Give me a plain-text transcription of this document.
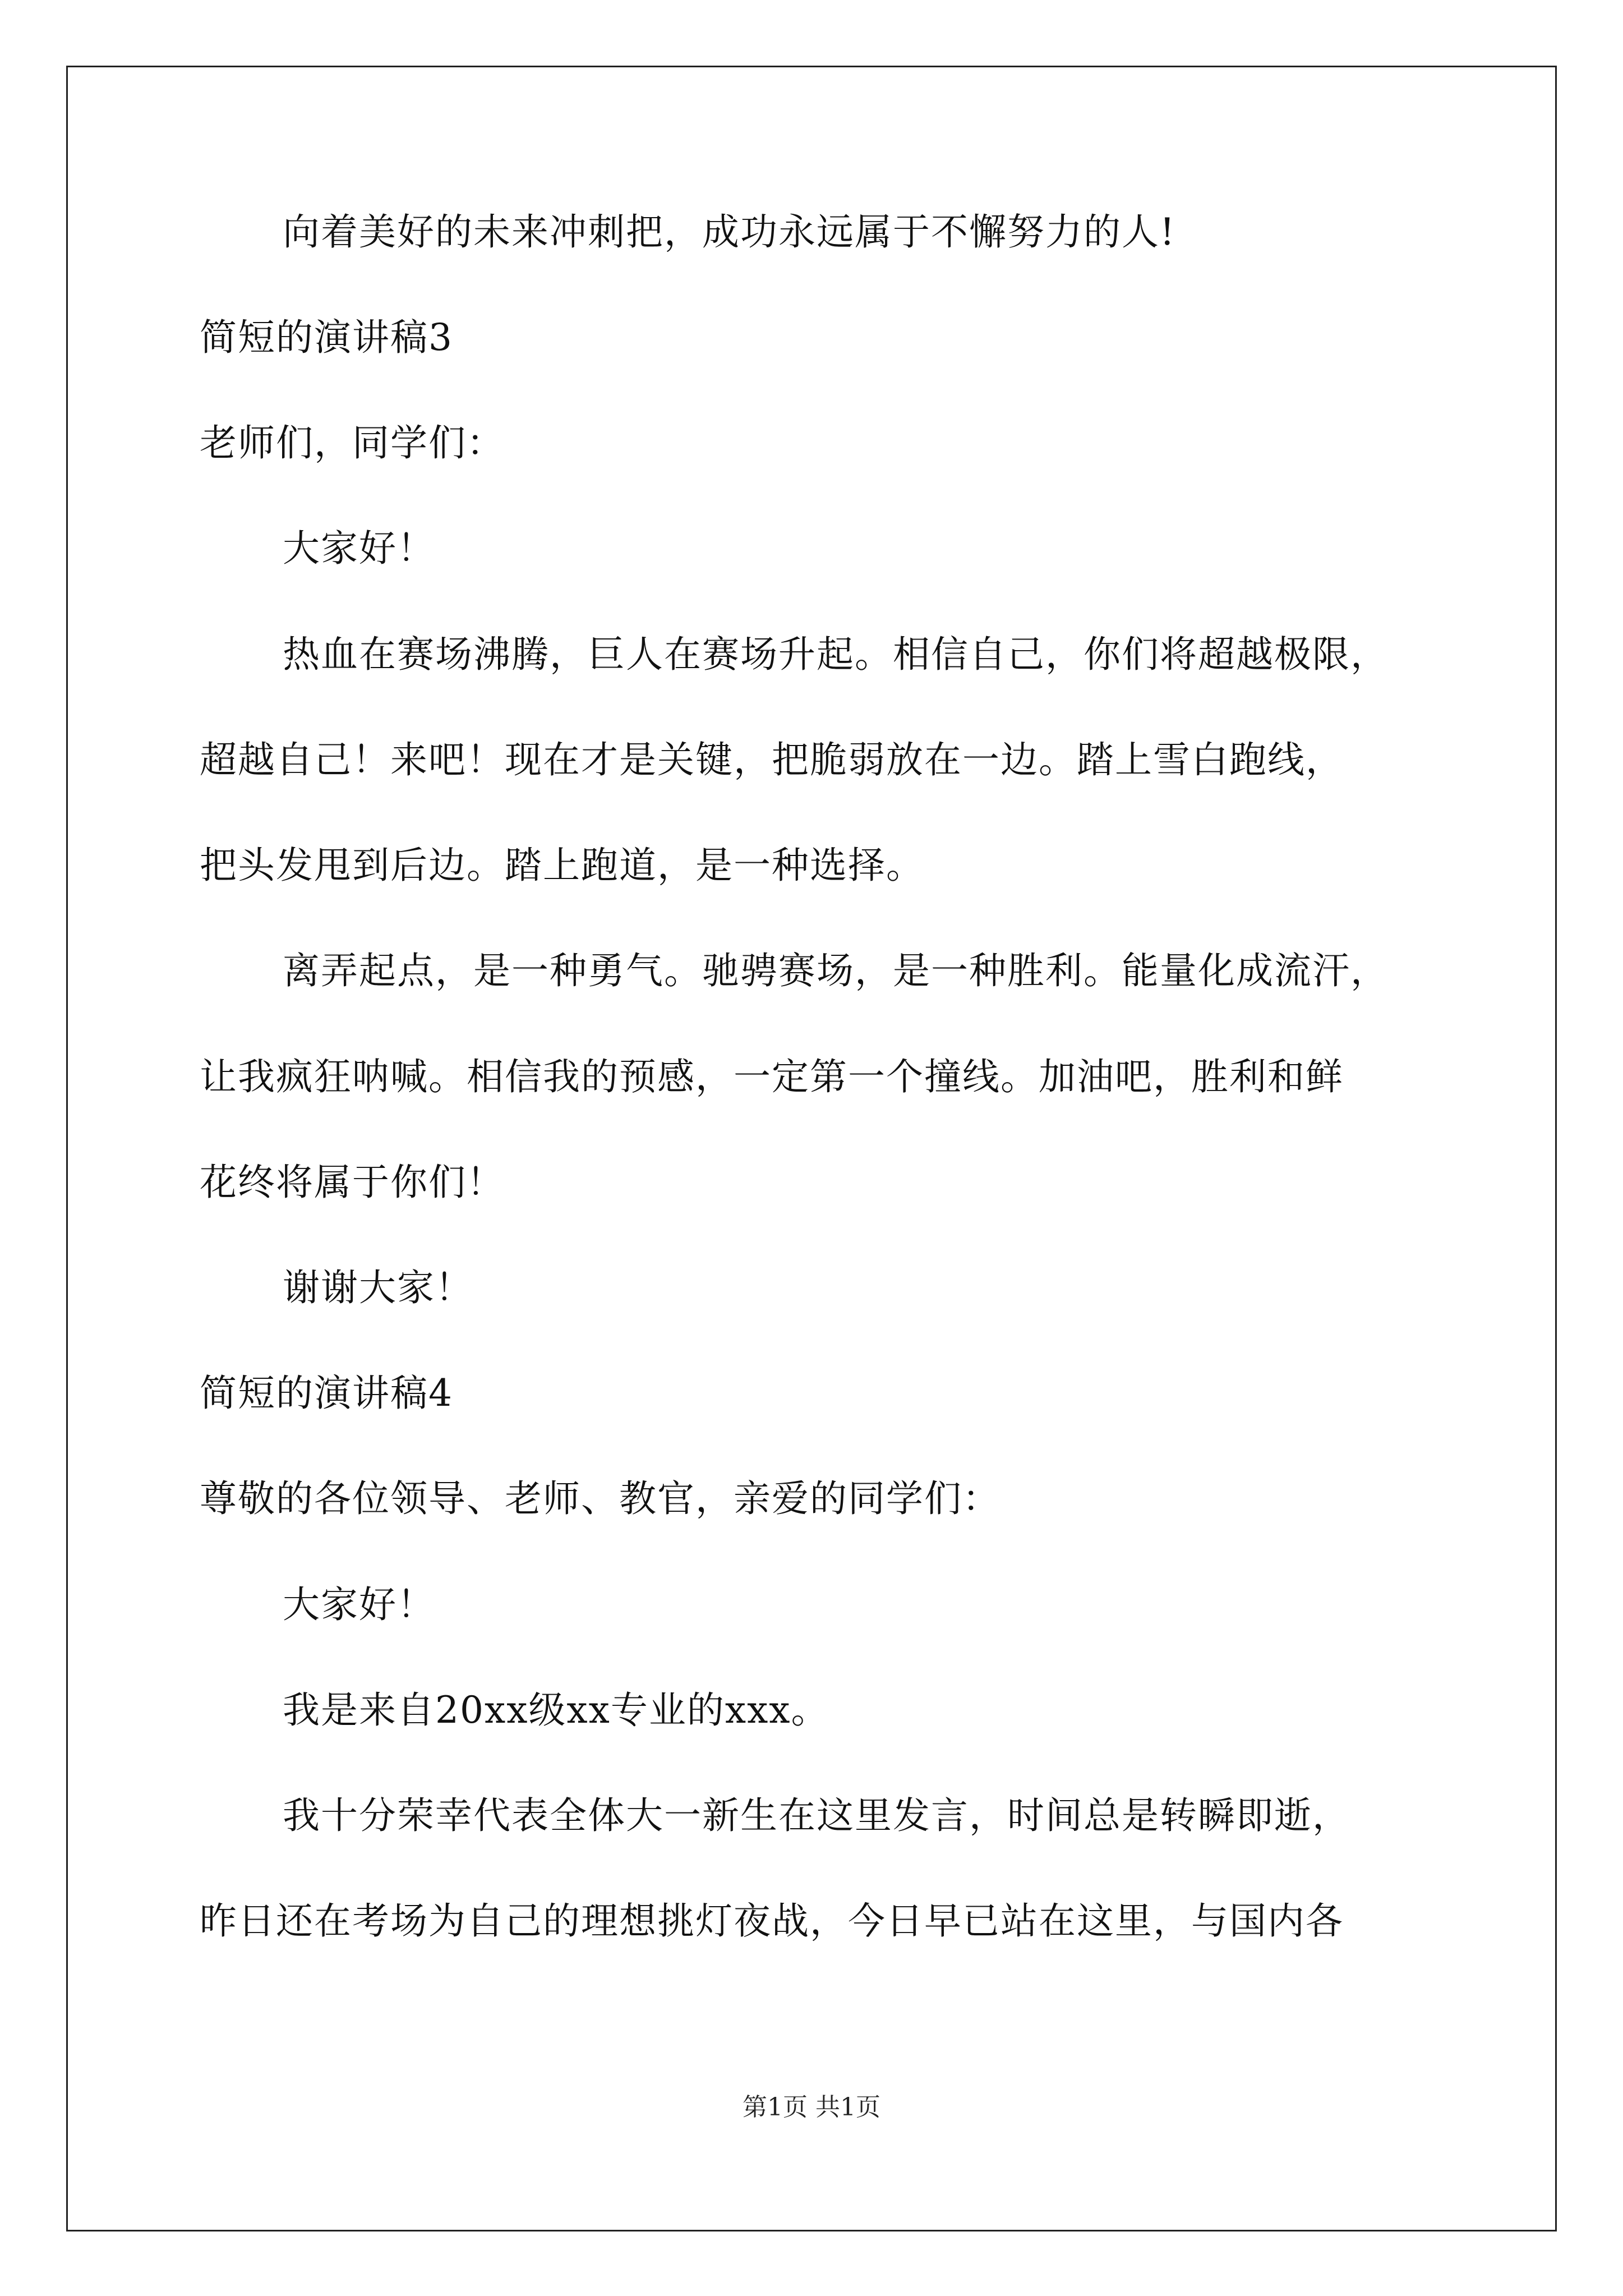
向着美好的未来冲刺把，成功永远属于不懈努力的人!
简短的演讲稿3
老师们，同学们：
大家好！
热血在赛场沸腾，巨人在赛场升起。相信自己，你们将超越极限，
超越自己！来吧！现在才是关键，把脆弱放在一边。踏上雪白跑线，
把头发甩到后边。踏上跑道，是一种选择。
离弄起点，是一种勇气。驰骋赛场，是一种胜利。能量化成流汗，
让我疯狂呐喊。相信我的预感，一定第一个撞线。加油吧，胜利和鲜
花终将属于你们！
谢谢大家！
简短的演讲稿4
尊敬的各位领导、老师、教官，亲爱的同学们：
大家好！
我是来自20xx级xx专业的xxx。
我十分荣幸代表全体大一新生在这里发言，时间总是转瞬即逝，
昨日还在考场为自己的理想挑灯夜战，今日早已站在这里，与国内各
第1页 共1页
